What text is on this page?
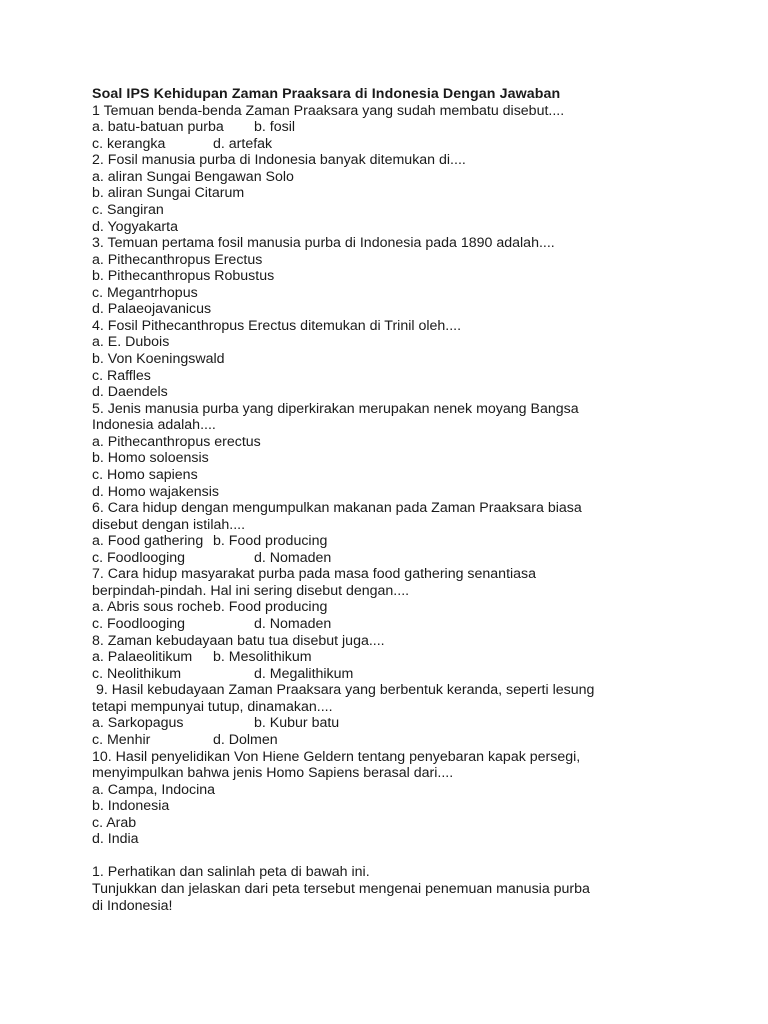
Soal IPS Kehidupan Zaman Praaksara di Indonesia Dengan Jawaban
1 Temuan benda-benda Zaman Praaksara yang sudah membatu disebut....
a. batu-batuan purba b. fosil
c. kerangka	d. artefak
2. Fosil manusia purba di Indonesia banyak ditemukan di....
a. aliran Sungai Bengawan Solo
b. aliran Sungai Citarum
c. Sangiran
d. Yogyakarta
3. Temuan pertama fosil manusia purba di Indonesia pada 1890 adalah....
a. Pithecanthropus Erectus
b. Pithecanthropus Robustus
c. Megantrhopus
d. Palaeojavanicus
4. Fosil Pithecanthropus Erectus ditemukan di Trinil oleh....
a. E. Dubois
b. Von Koeningswald
c. Raffles
d. Daendels
5. Jenis manusia purba yang diperkirakan merupakan nenek moyang Bangsa
Indonesia adalah....
a. Pithecanthropus erectus
b. Homo soloensis
c. Homo sapiens
d. Homo wajakensis
6. Cara hidup dengan mengumpulkan makanan pada Zaman Praaksara biasa
disebut dengan istilah....
a. Food gathering b. Food producing
c. Foodlooging	d. Nomaden
7. Cara hidup masyarakat purba pada masa food gathering senantiasa
berpindah-pindah. Hal ini sering disebut dengan....
a. Abris sous roche b. Food producing
c. Foodlooging	d. Nomaden
8. Zaman kebudayaan batu tua disebut juga....
a. Palaeolitikum b. Mesolithikum
c. Neolithikum	d. Megalithikum
9. Hasil kebudayaan Zaman Praaksara yang berbentuk keranda, seperti lesung
tetapi mempunyai tutup, dinamakan....
a. Sarkopagus	b. Kubur batu
c. Menhir	d. Dolmen
10. Hasil penyelidikan Von Hiene Geldern tentang penyebaran kapak persegi,
menyimpulkan bahwa jenis Homo Sapiens berasal dari....
a. Campa, Indocina
b. Indonesia
c. Arab
d. India
1. Perhatikan dan salinlah peta di bawah ini.
Tunjukkan dan jelaskan dari peta tersebut mengenai penemuan manusia purba
di Indonesia!
